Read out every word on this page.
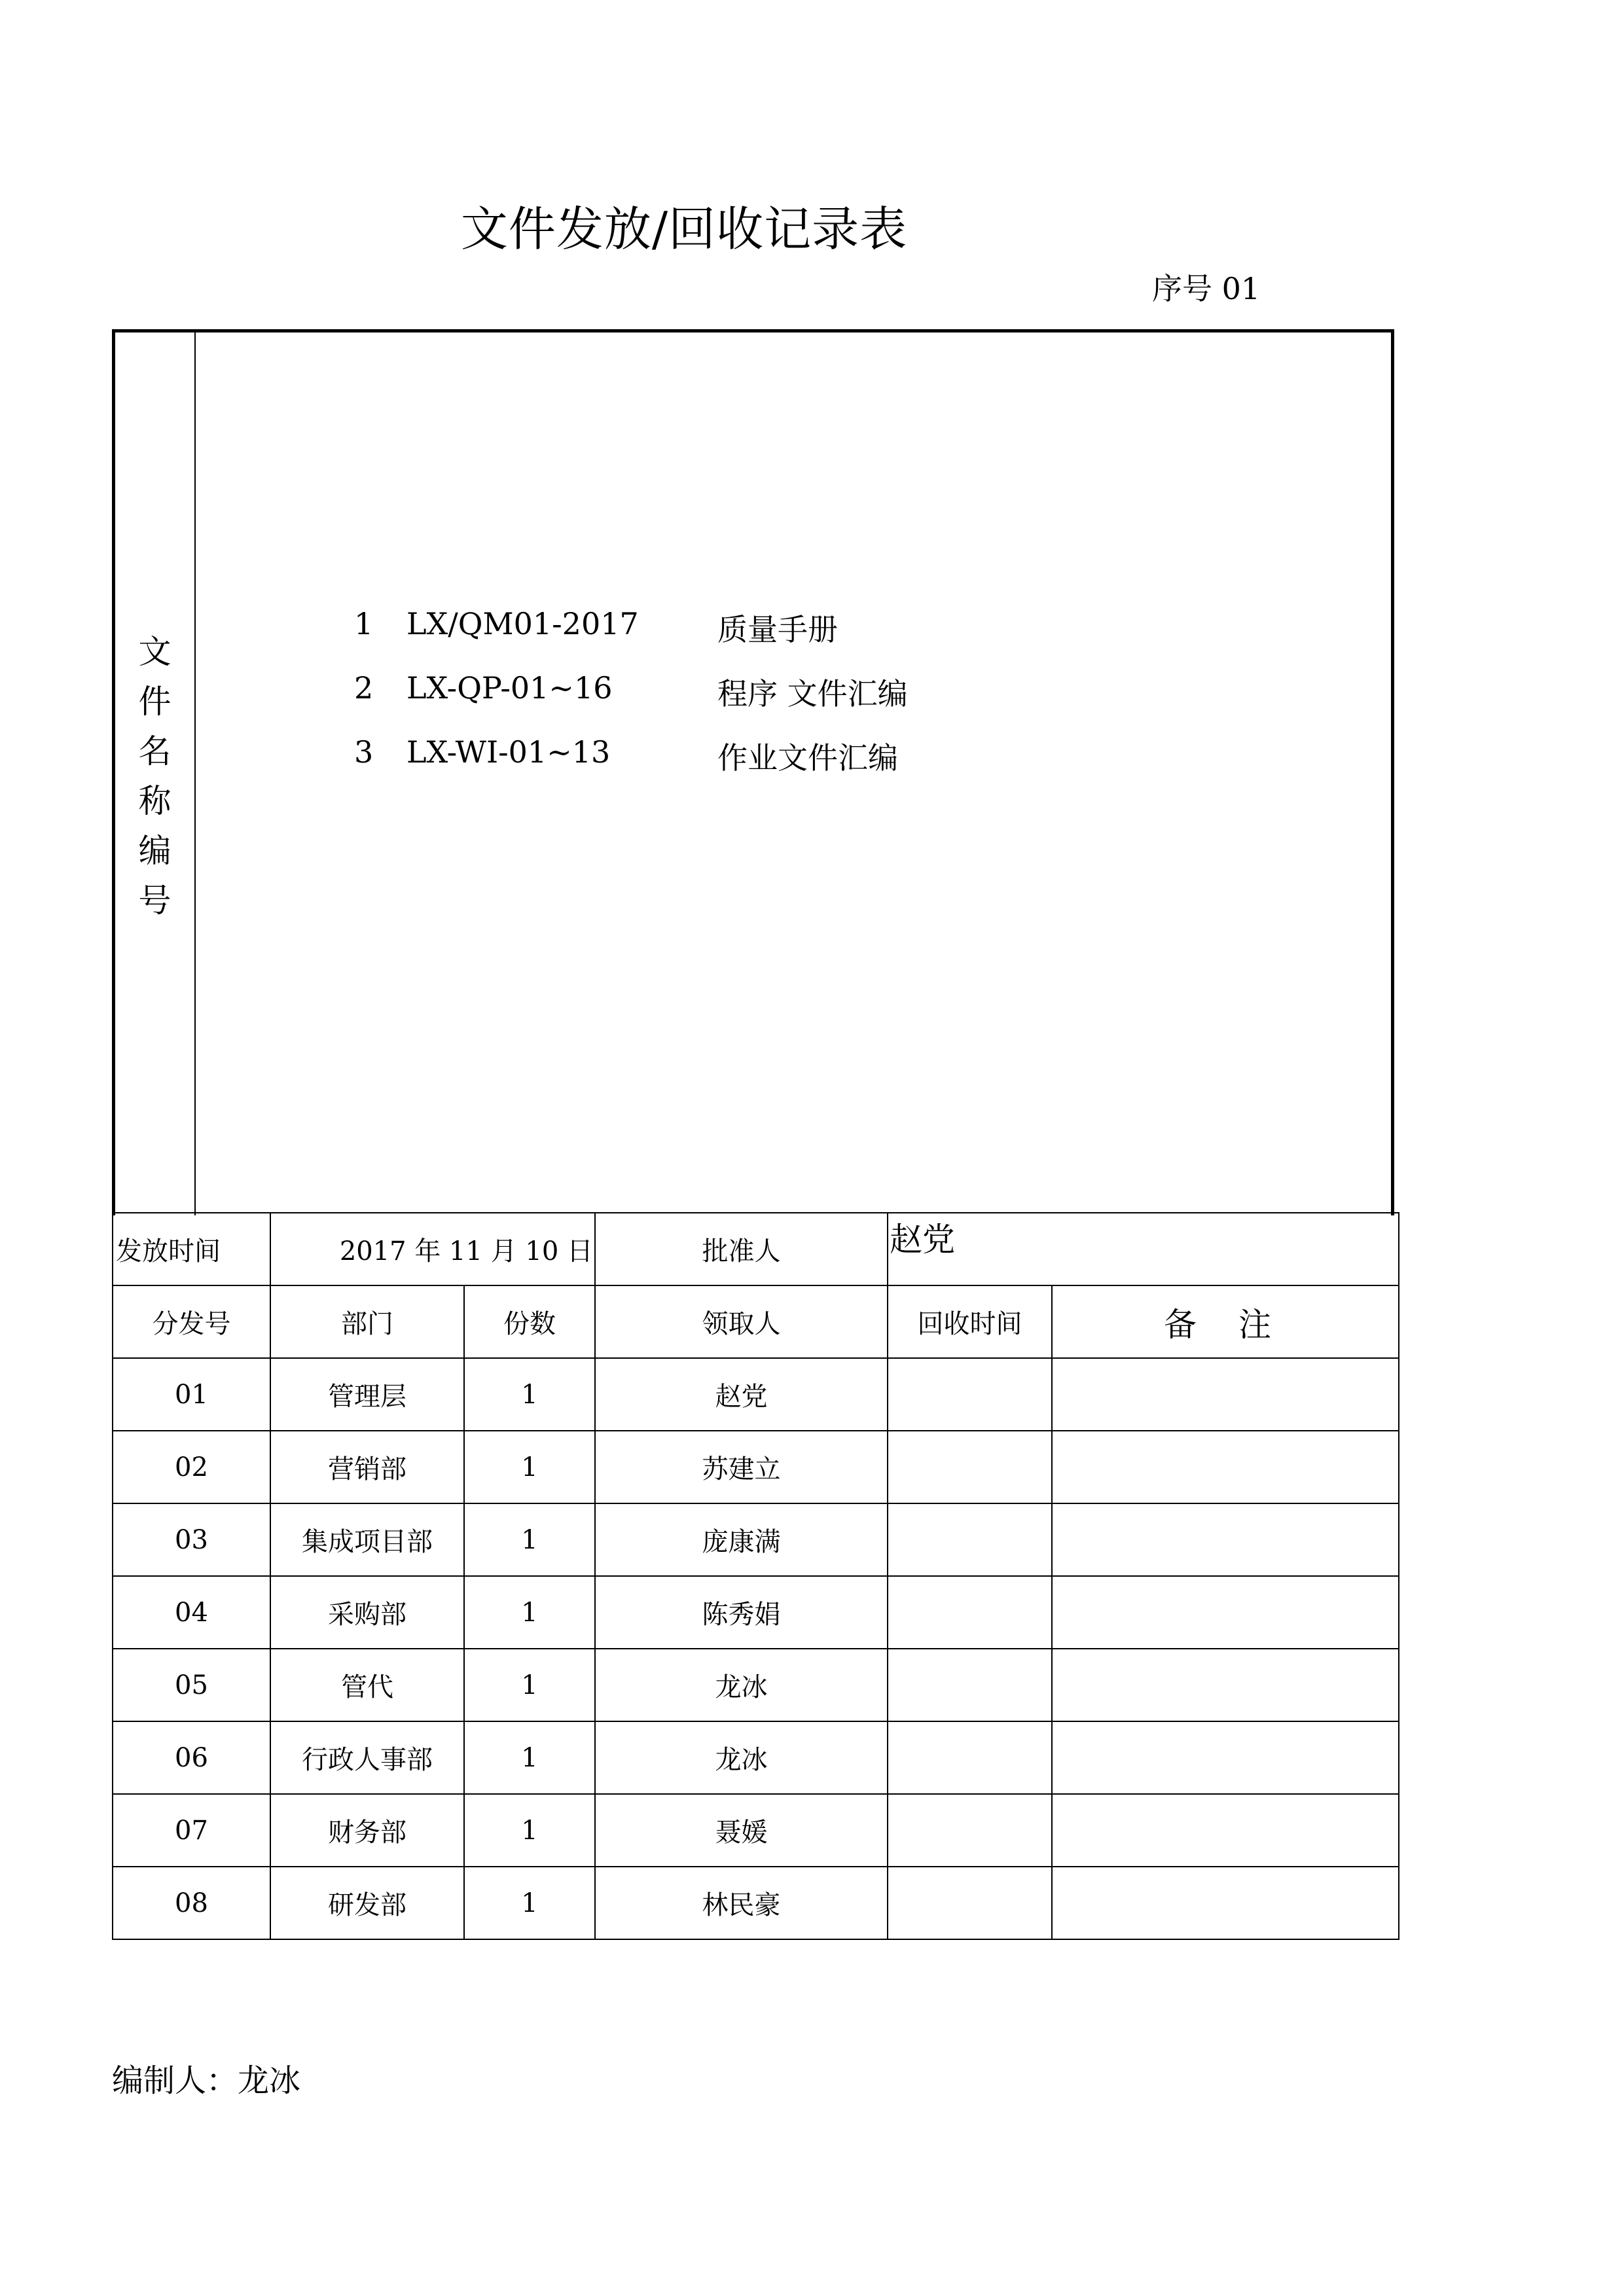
文件发放/回收记录表
序号 01
文
件
名
称
编
号
1	LX/QM01-2017	质量手册
2	LX-QP-01~16	程序 文件汇编
3	LX-WI-01~13	作业文件汇编
发放时间	2017 年 11 月 10 日		批准人	赵党	
分发号	部门	份数	领取人	回收时间	备 注
01	管理层	1	赵党		
02	营销部	1	苏建立		
03	集成项目部	1	庞康满		
04	采购部	1	陈秀娟		
05	管代	1	龙冰		
06	行政人事部	1	龙冰		
07	财务部	1	聂媛		
08	研发部	1	林民豪		
编制人：龙冰
